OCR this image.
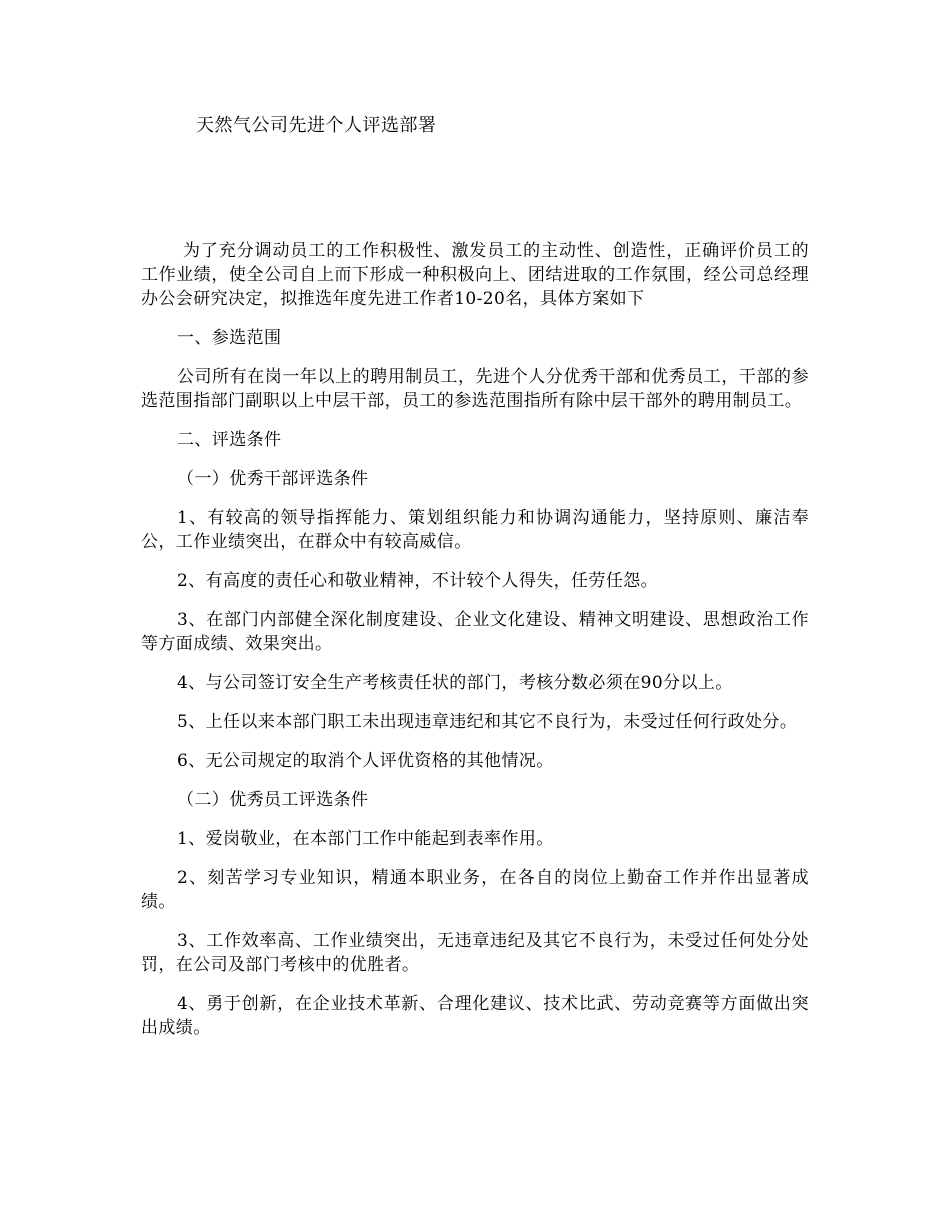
天然气公司先进个人评选部署

为了充分调动员工的工作积极性、激发员工的主动性、创造性，正确评价员工的工作业绩，使全公司自上而下形成一种积极向上、团结进取的工作氛围，经公司总经理办公会研究决定，拟推选年度先进工作者10-20名，具体方案如下

一、参选范围

公司所有在岗一年以上的聘用制员工，先进个人分优秀干部和优秀员工，干部的参选范围指部门副职以上中层干部，员工的参选范围指所有除中层干部外的聘用制员工。

二、评选条件

（一）优秀干部评选条件

1、有较高的领导指挥能力、策划组织能力和协调沟通能力，坚持原则、廉洁奉公，工作业绩突出，在群众中有较高威信。

2、有高度的责任心和敬业精神，不计较个人得失，任劳任怨。

3、在部门内部健全深化制度建设、企业文化建设、精神文明建设、思想政治工作等方面成绩、效果突出。

4、与公司签订安全生产考核责任状的部门，考核分数必须在90分以上。

5、上任以来本部门职工未出现违章违纪和其它不良行为，未受过任何行政处分。

6、无公司规定的取消个人评优资格的其他情况。

（二）优秀员工评选条件

1、爱岗敬业，在本部门工作中能起到表率作用。

2、刻苦学习专业知识，精通本职业务，在各自的岗位上勤奋工作并作出显著成绩。

3、工作效率高、工作业绩突出，无违章违纪及其它不良行为，未受过任何处分处罚，在公司及部门考核中的优胜者。

4、勇于创新，在企业技术革新、合理化建议、技术比武、劳动竞赛等方面做出突出成绩。
